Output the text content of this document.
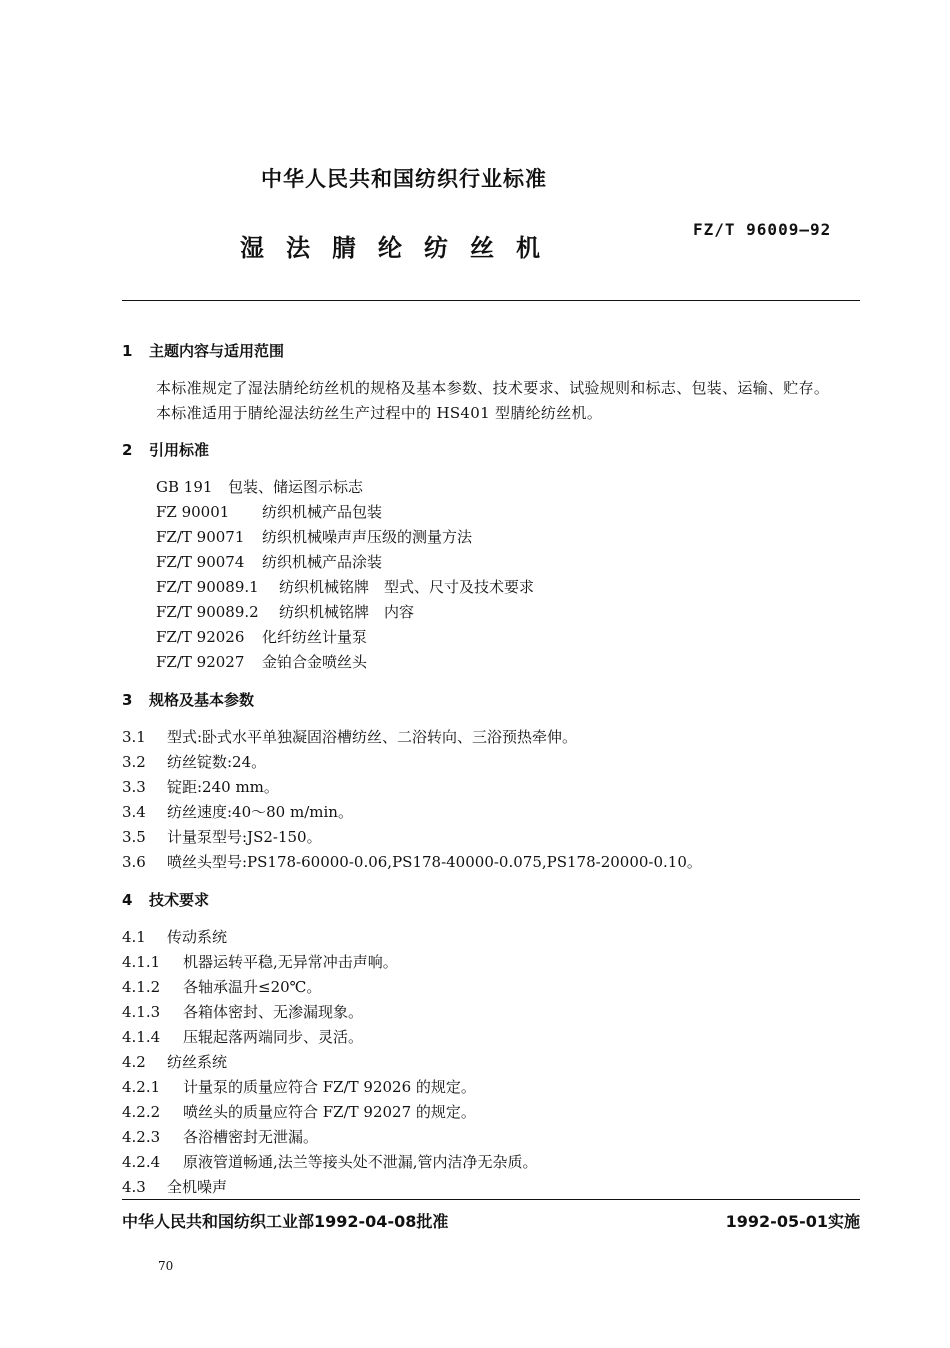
中华人民共和国纺织行业标准
湿法腈纶纺丝机
FZ/T 96009—92
1 主题内容与适用范围
本标准规定了湿法腈纶纺丝机的规格及基本参数、技术要求、试验规则和标志、包装、运输、贮存。
本标准适用于腈纶湿法纺丝生产过程中的 HS401 型腈纶纺丝机。
2 引用标准
GB 191 包装、储运图示标志
FZ 90001 纺织机械产品包装
FZ/T 90071 纺织机械噪声声压级的测量方法
FZ/T 90074 纺织机械产品涂装
FZ/T 90089.1 纺织机械铭牌　型式、尺寸及技术要求
FZ/T 90089.2 纺织机械铭牌　内容
FZ/T 92026 化纤纺丝计量泵
FZ/T 92027 金铂合金喷丝头
3 规格及基本参数
3.1 型式:卧式水平单独凝固浴槽纺丝、二浴转向、三浴预热牵伸。
3.2 纺丝锭数:24。
3.3 锭距:240 mm。
3.4 纺丝速度:40～80 m/min。
3.5 计量泵型号:JS2-150。
3.6 喷丝头型号:PS178-60000-0.06,PS178-40000-0.075,PS178-20000-0.10。
4 技术要求
4.1 传动系统
4.1.1 机器运转平稳,无异常冲击声响。
4.1.2 各轴承温升≤20℃。
4.1.3 各箱体密封、无渗漏现象。
4.1.4 压辊起落两端同步、灵活。
4.2 纺丝系统
4.2.1 计量泵的质量应符合 FZ/T 92026 的规定。
4.2.2 喷丝头的质量应符合 FZ/T 92027 的规定。
4.2.3 各浴槽密封无泄漏。
4.2.4 原液管道畅通,法兰等接头处不泄漏,管内洁净无杂质。
4.3 全机噪声
中华人民共和国纺织工业部1992-04-08批准	1992-05-01实施
70
